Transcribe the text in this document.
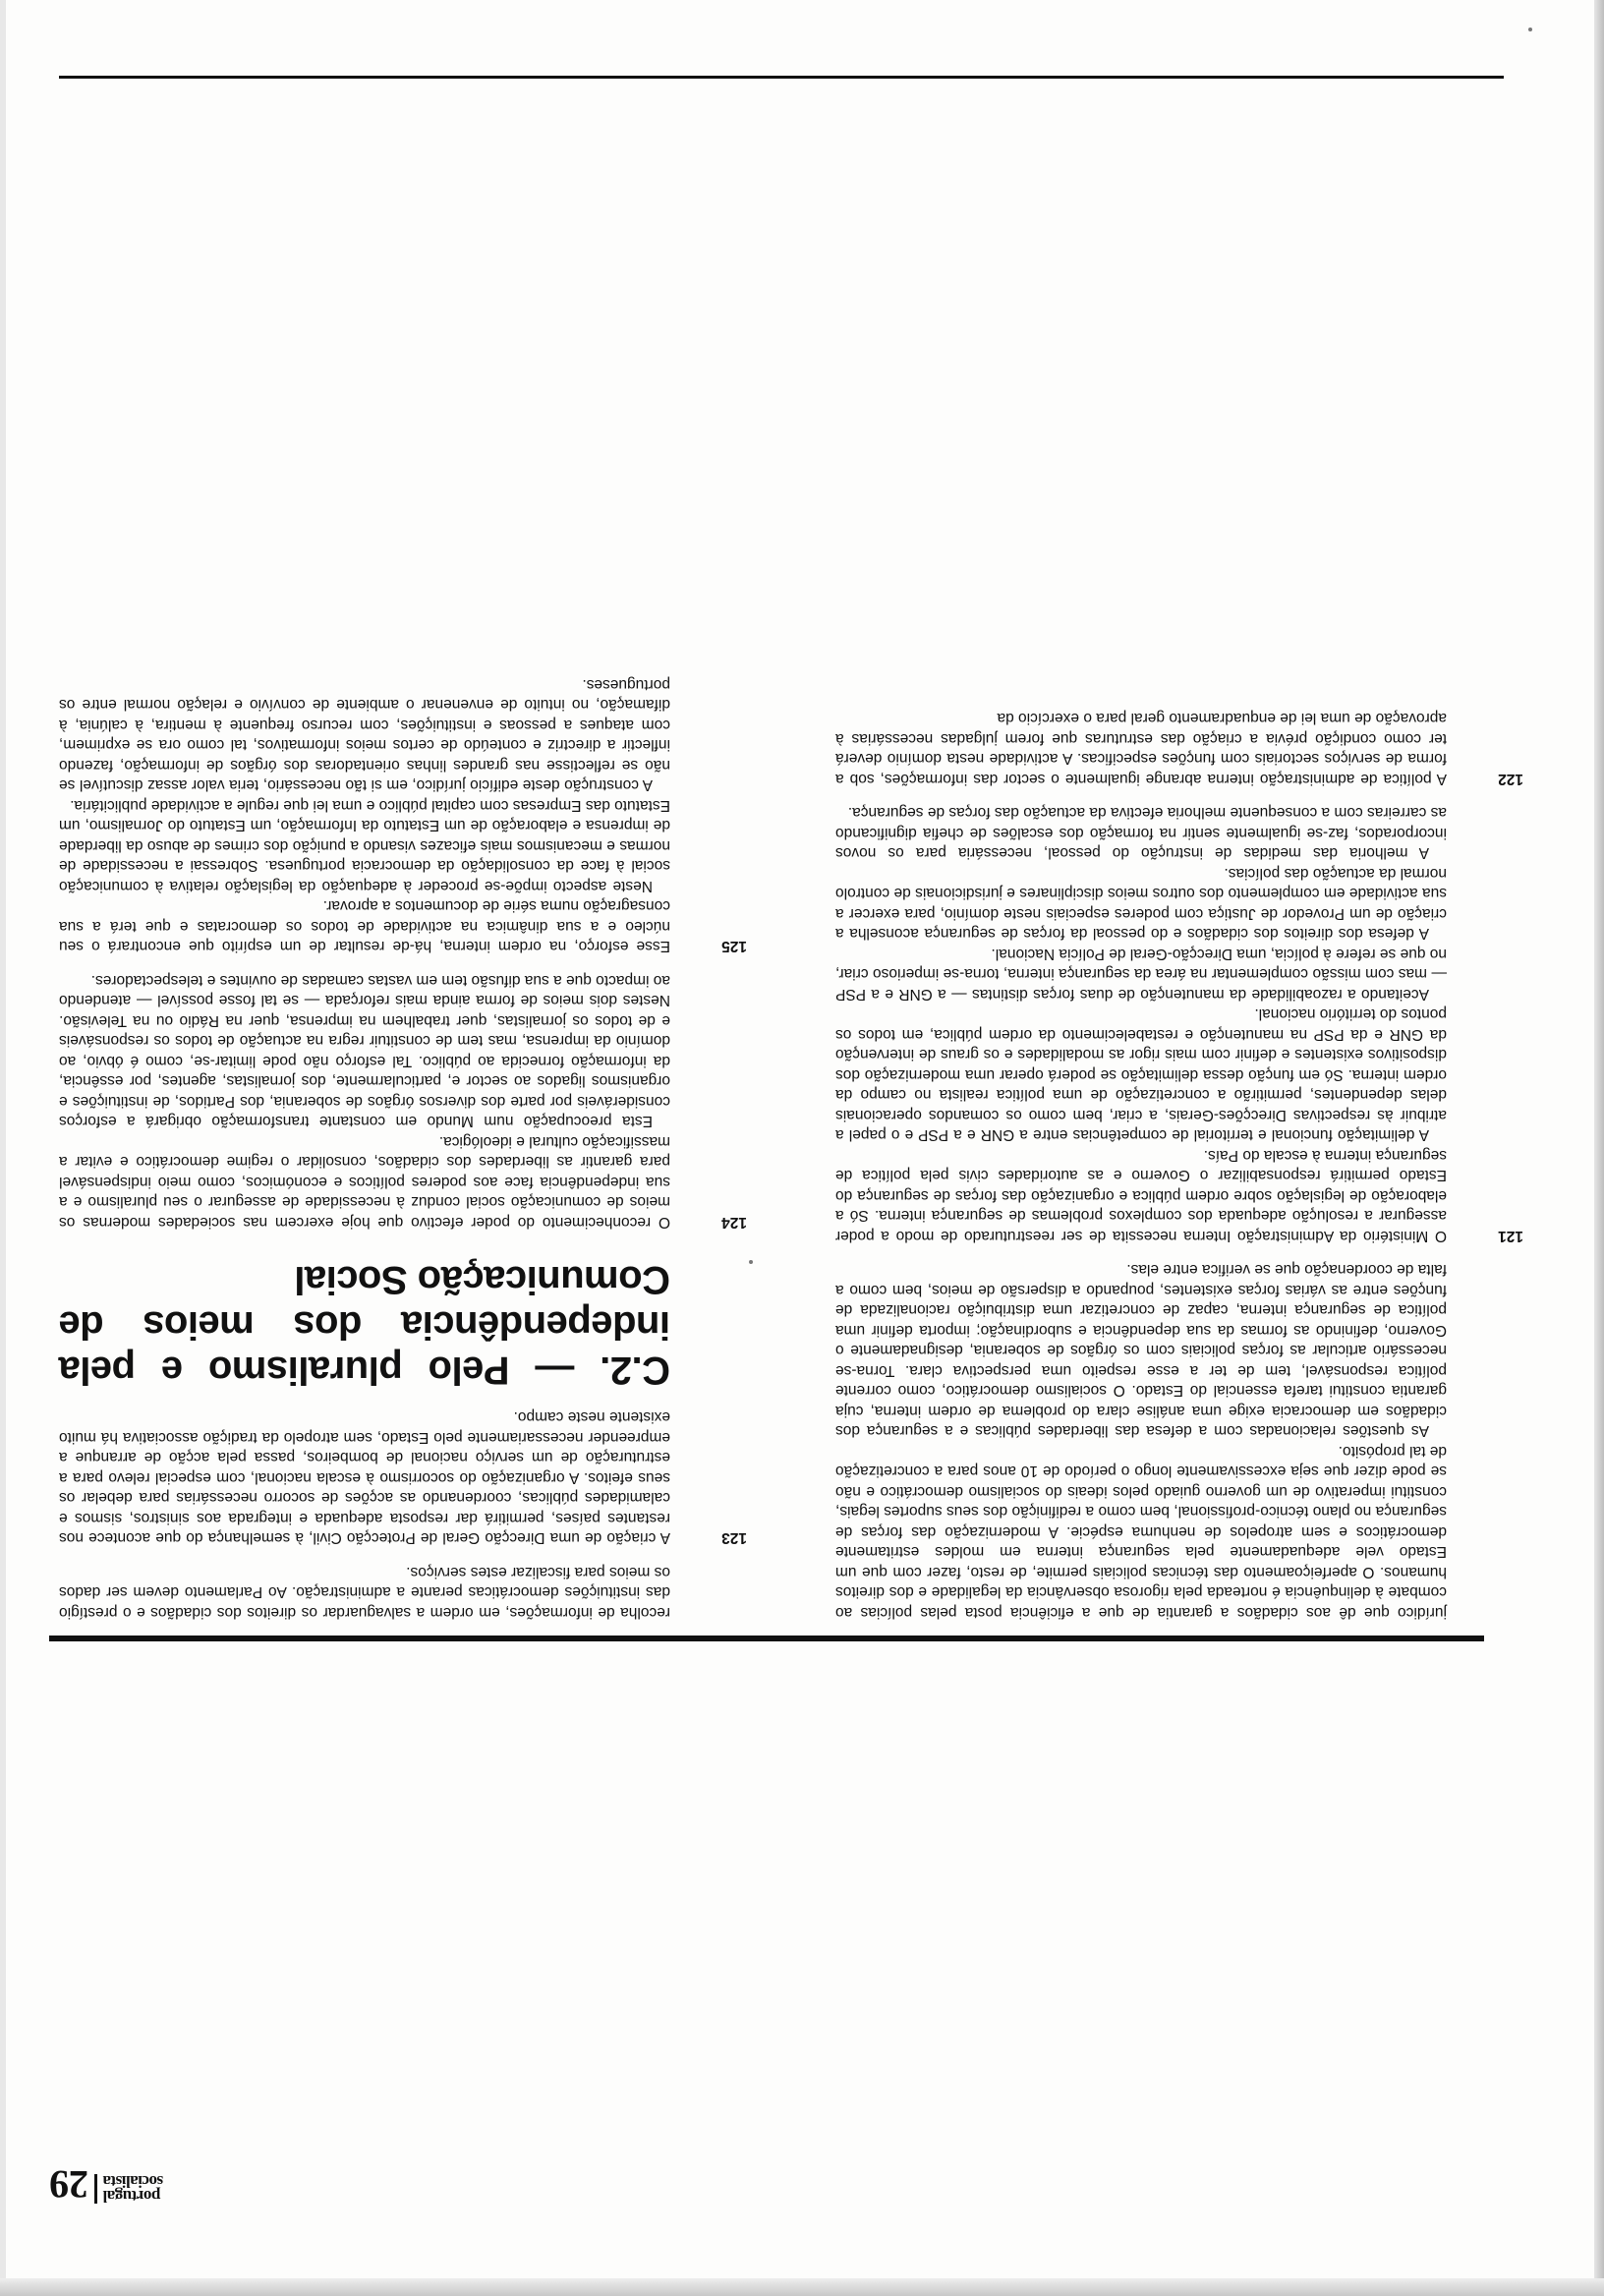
portugal
socialista
29

jurídico que dê aos cidadãos a garantia de que a eficiência posta pelas polícias ao combate à delinquência é norteada pela rigorosa observância da legalidade e dos direitos humanos. O aperfeiçoamento das técnicas policiais permite, de resto, fazer com que um Estado vele adequadamente pela segurança interna em moldes estritamente democráticos e sem atropelos de nenhuma espécie. A modernização das forças de segurança no plano técnico-profissional, bem como a redifinição dos seus suportes legais, constitui imperativo de um governo guiado pelos ideais do socialismo democrático e não se pode dizer que seja excessivamente longo o período de 10 anos para a concretização de tal propósito.

As questões relacionadas com a defesa das liberdades públicas e a segurança dos cidadãos em democracia exige uma análise clara do problema de ordem interna, cuja garantia constitui tarefa essencial do Estado. O socialismo democrático, como corrente política responsável, tem de ter a esse respeito uma perspectiva clara. Torna-se necessário articular as forças policiais com os órgãos de soberania, designadamente o Governo, definindo as formas da sua dependência e subordinação; importa definir uma política de segurança interna, capaz de concretizar uma distribuição racionalizada de funções entre as várias forças existentes, poupando a dispersão de meios, bem como a falta de coordenação que se verifica entre elas.

121

O Ministério da Administração Interna necessita de ser reestruturado de modo a poder assegurar a resolução adequada dos complexos problemas de segurança interna. Só a elaboração de legislação sobre ordem pública e organização das forças de segurança do Estado permitirá responsabilizar o Governo e as autoridades civis pela política de segurança interna à escala do País.

A delimitação funcional e territorial de competências entre a GNR e a PSP e o papel a atribuir às respectivas Direcções-Gerais, a criar, bem como os comandos operacionais delas dependentes, permitirão a concretização de uma política realista no campo da ordem interna. Só em função dessa delimitação se poderá operar uma modernização dos dispositivos existentes e definir com mais rigor as modalidades e os graus de intervenção da GNR e da PSP na manutenção e restabelecimento da ordem pública, em todos os pontos do território nacional.

Aceitando a razoabilidade da manutenção de duas forças distintas — a GNR e a PSP — mas com missão complementar na área da segurança interna, torna-se imperioso criar, no que se refere à polícia, uma Direcção-Geral de Polícia Nacional.

A defesa dos direitos dos cidadãos e do pessoal da forças de segurança aconselha a criação de um Provedor de Justiça com poderes especiais neste domínio, para exercer a sua actividade em complemento dos outros meios disciplinares e jurisdicionais de controlo normal da actuação das polícias.

A melhoria das medidas de instrução do pessoal, necessária para os novos incorporados, faz-se igualmente sentir na formação dos escalões de chefia dignificando as carreiras com a consequente melhoria efectiva da actuação das forças de segurança.

122

A política de administração interna abrange igualmente o sector das informações, sob a forma de serviços sectoriais com funções especificas. A actividade nesta domínio deverá ter como condição prévia a criação das estruturas que forem julgadas necessárias à aprovação de uma lei de enquadramento geral para o exercício da

recolha de informações, em ordem a salvaguardar os direitos dos cidadãos e o prestígio das instituições democráticas perante a administração. Ao Parlamento devem ser dados os meios para fiscalizar estes serviços.

123

A criação de uma Direcção Geral de Protecção Civil, à semelhança do que acontece nos restantes países, permitirá dar resposta adequada e integrada aos sinistros, sismos e calamidades públicas, coordenando as acções de socorro necessárias para debelar os seus efeitos. A organização do socorrismo à escala nacional, com especial relevo para a estruturação de um serviço nacional de bombeiros, passa pela acção de arranque a empreender necessariamente pelo Estado, sem atropelo da tradição associativa há muito existente neste campo.

C.2. — Pelo pluralismo e pela independência dos meios de Comunicação Social
124

O reconhecimento do poder efectivo que hoje exercem nas sociedades modernas os meios de comunicação social conduz à necessidade de assegurar o seu pluralismo e a sua independência face aos poderes políticos e económicos, como meio indispensável para garantir as liberdades dos cidadãos, consolidar o regime democrático e evitar a massificação cultural e ideológica.

Esta preocupação num Mundo em constante transformação obrigará a esforços consideráveis por parte dos diversos órgãos de soberania, dos Partidos, de instituições e organismos ligados ao sector e, particularmente, dos jornalistas, agentes, por essência, da informação fornecida ao público. Tal esforço não pode limitar-se, como é óbvio, ao domínio da imprensa, mas tem de constituir regra na actuação de todos os responsáveis e de todos os jornalistas, quer trabalhem na imprensa, quer na Rádio ou na Televisão. Nestes dois meios de forma ainda mais reforçada — se tal fosse possível — atendendo ao impacto que a sua difusão tem em vastas camadas de ouvintes e telespectadores.

125

Esse esforço, na ordem interna, há-de resultar de um espírito que encontrará o seu núcleo e a sua dinâmica na actividade de todos os democratas e que terá a sua consagração numa série de documentos a aprovar.

Neste aspecto impõe-se proceder à adequação da legislação relativa à comunicação social à face da consolidação da democracia portuguesa. Sobressai a necessidade de normas e mecanismos mais eficazes visando a punição dos crimes de abuso da liberdade de imprensa e elaboração de um Estatuto da Informação, um Estatuto do Jornalismo, um Estatuto das Empresas com capital público e uma lei que regule a actividade publicitária.

A construção deste edifício jurídico, em si tão necessário, teria valor assaz discutível se não se reflectisse nas grandes linhas orientadoras dos órgãos de informação, fazendo inflectir a directriz e conteúdo de certos meios informativos, tal como ora se exprimem, com ataques a pessoas e instituições, com recurso frequente à mentira, à calúnia, à difamação, no intuito de envenenar o ambiente de convívio e relação normal entre os portugueses.
